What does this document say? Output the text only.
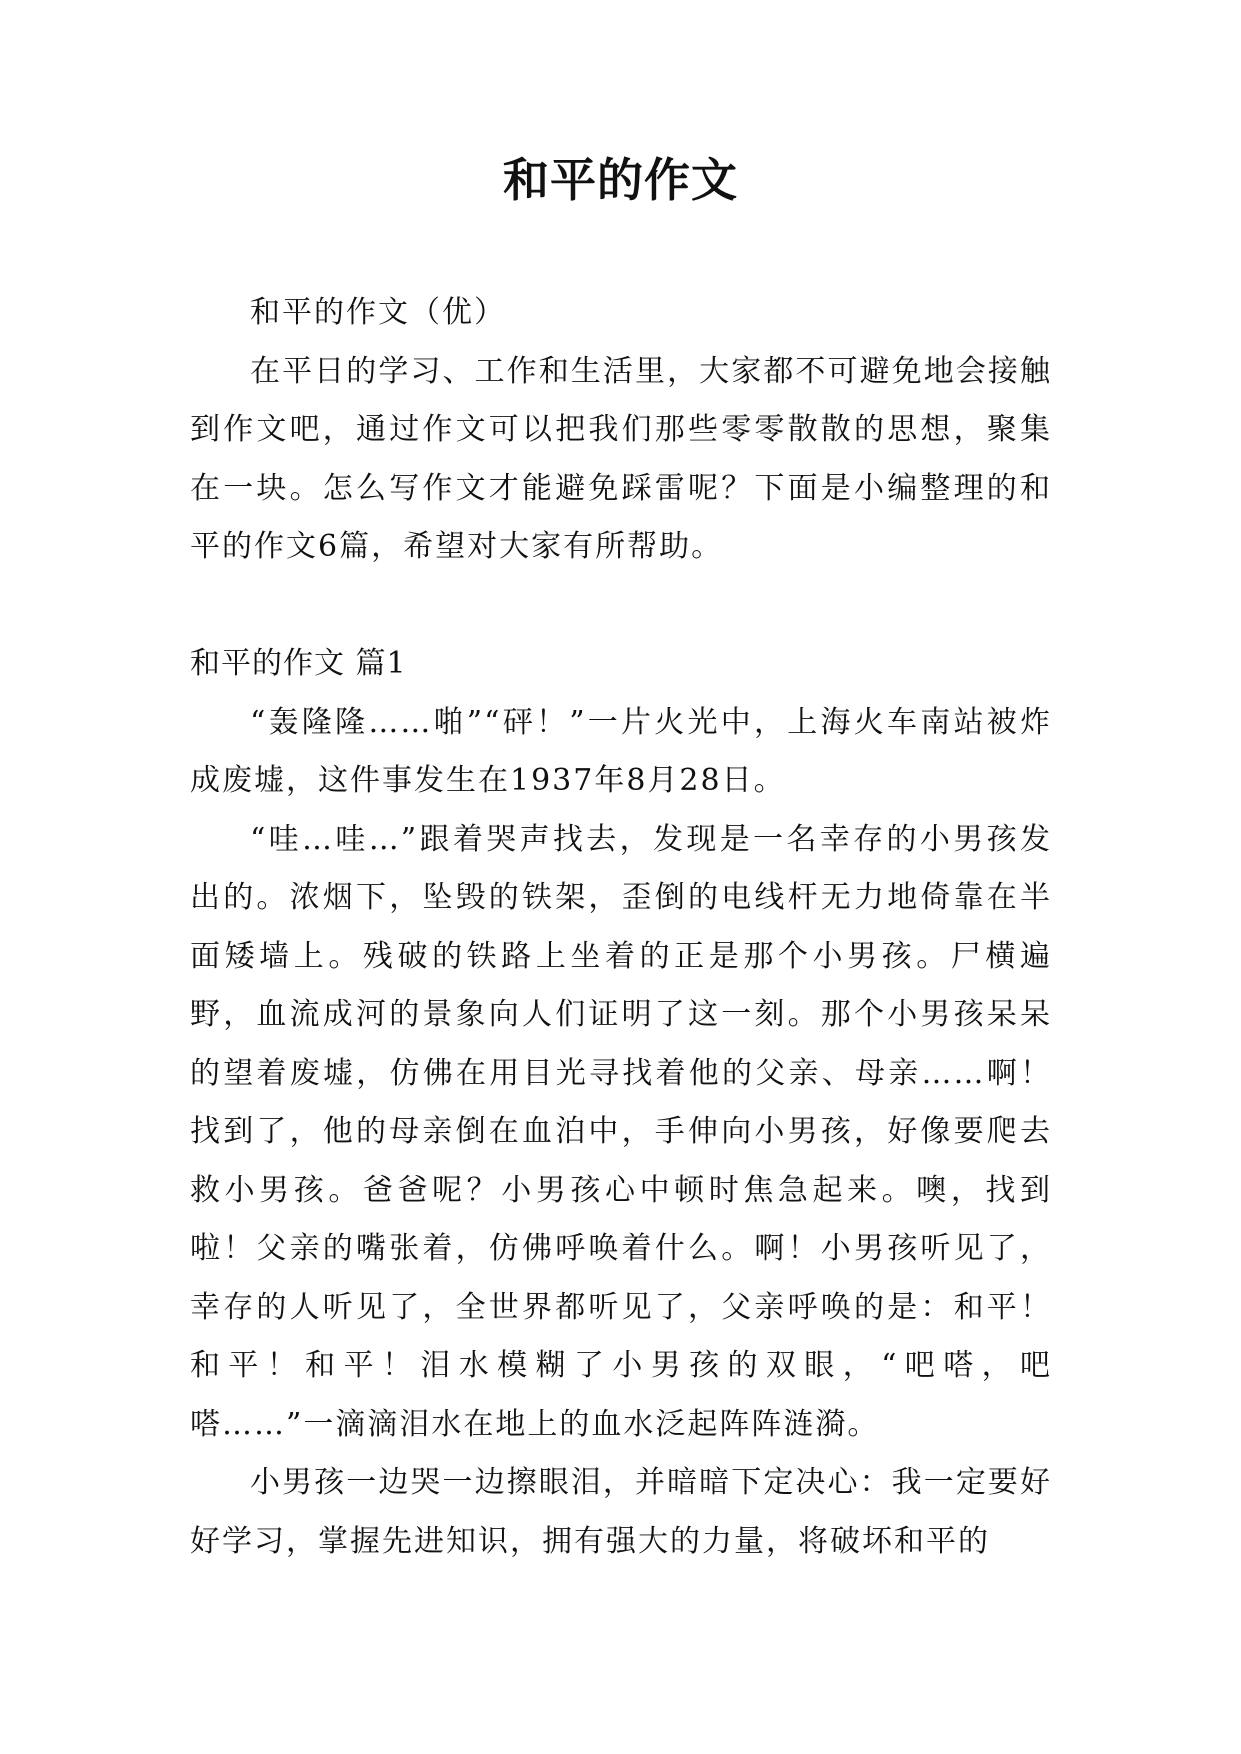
和平的作文

和平的作文（优）

在平日的学习、工作和生活里，大家都不可避免地会接触到作文吧，通过作文可以把我们那些零零散散的思想，聚集在一块。怎么写作文才能避免踩雷呢？下面是小编整理的和平的作文6篇，希望对大家有所帮助。

和平的作文 篇1

“轰隆隆……啪”“砰！”一片火光中，上海火车南站被炸成废墟，这件事发生在1937年8月28日。

“哇…哇…”跟着哭声找去，发现是一名幸存的小男孩发出的。浓烟下，坠毁的铁架，歪倒的电线杆无力地倚靠在半面矮墙上。残破的铁路上坐着的正是那个小男孩。尸横遍野，血流成河的景象向人们证明了这一刻。那个小男孩呆呆的望着废墟，仿佛在用目光寻找着他的父亲、母亲……啊！找到了，他的母亲倒在血泊中，手伸向小男孩，好像要爬去救小男孩。爸爸呢？小男孩心中顿时焦急起来。噢，找到啦！父亲的嘴张着，仿佛呼唤着什么。啊！小男孩听见了，幸存的人听见了，全世界都听见了，父亲呼唤的是：和平！和平！和平！泪水模糊了小男孩的双眼，“吧嗒，吧嗒……”一滴滴泪水在地上的血水泛起阵阵涟漪。

小男孩一边哭一边擦眼泪，并暗暗下定决心：我一定要好好学习，掌握先进知识，拥有强大的力量，将破坏和平的
